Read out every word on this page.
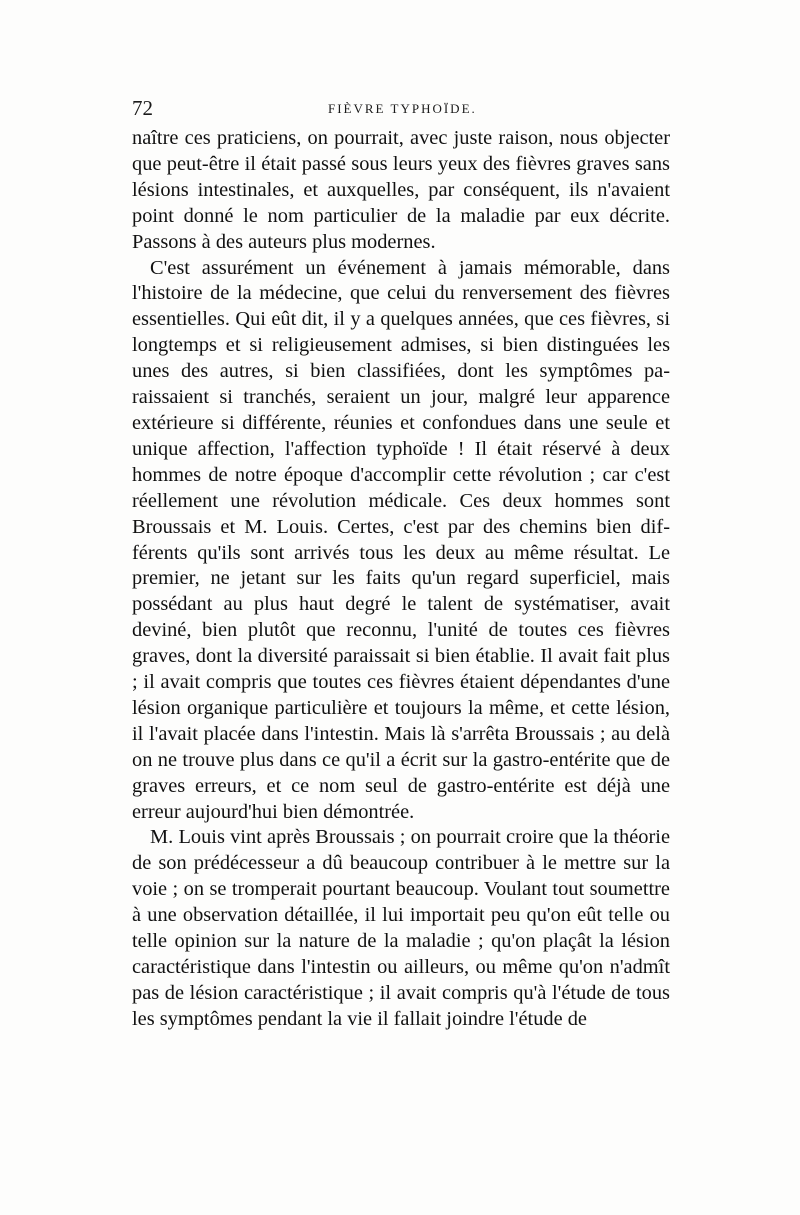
72	FIÈVRE TYPHOÏDE.

naître ces praticiens, on pourrait, avec juste raison, nous objecter que peut-être il était passé sous leurs yeux des fièvres graves sans lésions intestinales, et auxquelles, par conséquent, ils n'avaient point donné le nom particulier de la maladie par eux décrite. Passons à des auteurs plus modernes.

C'est assurément un événement à jamais mémorable, dans l'histoire de la médecine, que celui du renversement des fièvres essentielles. Qui eût dit, il y a quelques années, que ces fièvres, si longtemps et si religieusement admises, si bien distinguées les unes des autres, si bien classifiées, dont les symptômes paraissaient si tranchés, seraient un jour, malgré leur apparence extérieure si différente, réunies et confondues dans une seule et unique affection, l'affection typhoïde ! Il était réservé à deux hommes de notre époque d'accomplir cette révolution ; car c'est réellement une révolution médicale. Ces deux hommes sont Broussais et M. Louis. Certes, c'est par des chemins bien différents qu'ils sont arrivés tous les deux au même résultat. Le premier, ne jetant sur les faits qu'un regard superficiel, mais possédant au plus haut degré le talent de systématiser, avait deviné, bien plutôt que reconnu, l'unité de toutes ces fièvres graves, dont la diversité paraissait si bien établie. Il avait fait plus ; il avait compris que toutes ces fièvres étaient dépendantes d'une lésion organique particulière et toujours la même, et cette lésion, il l'avait placée dans l'intestin. Mais là s'arrêta Broussais ; au delà on ne trouve plus dans ce qu'il a écrit sur la gastro-entérite que de graves erreurs, et ce nom seul de gastro-entérite est déjà une erreur aujourd'hui bien démontrée.

M. Louis vint après Broussais ; on pourrait croire que la théorie de son prédécesseur a dû beaucoup contribuer à le mettre sur la voie ; on se tromperait pourtant beaucoup. Voulant tout soumettre à une observation détaillée, il lui importait peu qu'on eût telle ou telle opinion sur la nature de la maladie ; qu'on plaçât la lésion caractéristique dans l'intestin ou ailleurs, ou même qu'on n'admît pas de lésion caractéristique ; il avait compris qu'à l'étude de tous les symptômes pendant la vie il fallait joindre l'étude de
